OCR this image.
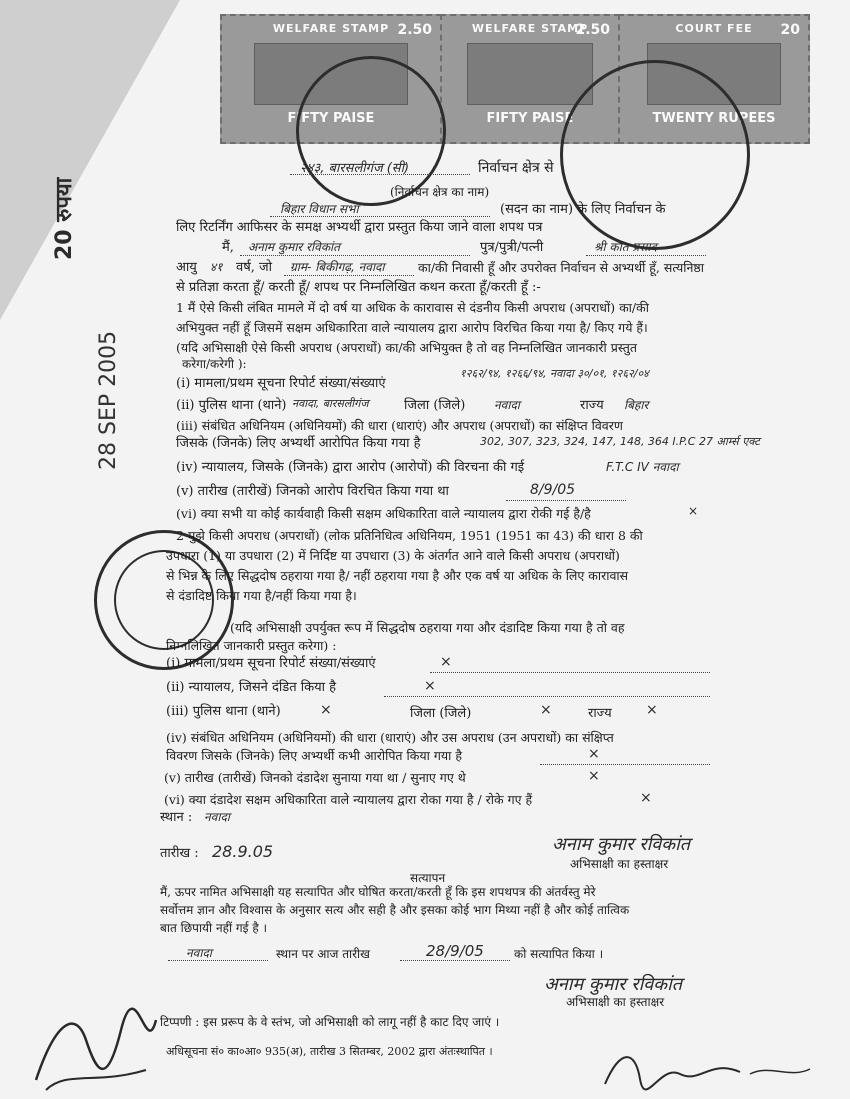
WELFARE STAMP 2.50
FIFTY PAISE
WELFARE STAMP
2.50
FIFTY PAISE
COURT FEE	20
TWENTY RUPEES
20 रुपया
28 SEP 2005
२४३, बारसलीगंज (सी)	निर्वाचन क्षेत्र से
(निर्वाचन क्षेत्र का नाम)
बिहार विधान सभा	(सदन का नाम) के लिए निर्वाचन के
लिए रिटर्निंग आफिसर के समक्ष अभ्यर्थी द्वारा प्रस्तुत किया जाने वाला शपथ पत्र
मैं, अनाम कुमार रविकांत	पुत्र/पुत्री/पत्नी	श्री कांत प्रसाद
आयु ४१ वर्ष, जो ग्राम- बिकीगढ़, नवादा	का/की निवासी हूँ और उपरोक्त निर्वाचन से अभ्यर्थी हूँ, सत्यनिष्ठा
से प्रतिज्ञा करता हूँ/ करती हूँ/ शपथ पर निम्नलिखित कथन करता हूँ/करती हूँ :-
1 मैं ऐसे किसी लंबित मामले में दो वर्ष या अधिक के कारावास से दंडनीय किसी अपराध (अपराधों) का/की
अभियुक्त नहीं हूँ जिसमें सक्षम अधिकारिता वाले न्यायालय द्वारा आरोप विरचित किया गया है/ किए गये हैं।
(यदि अभिसाक्षी ऐसे किसी अपराध (अपराधों) का/की अभियुक्त है तो वह निम्नलिखित जानकारी प्रस्तुत
करेगा/करेगी ):
(i) मामला/प्रथम सूचना रिपोर्ट संख्या/संख्याएं
१२६२/९४, १२६६/९४, नवादा ३०/०१, १२६२/०४
(ii) पुलिस थाना (थाने) नवादा, बारसलीगंज	जिला (जिले) नवादा	राज्य बिहार
(iii) संबंधित अधिनियम (अधिनियमों) की धारा (धाराएं) और अपराध (अपराधों) का संक्षिप्त विवरण
जिसके (जिनके) लिए अभ्यर्थी आरोपित किया गया है	302, 307, 323, 324, 147, 148, 364 I.P.C 27 आर्म्स एक्ट
(iv) न्यायालय, जिसके (जिनके) द्वारा आरोप (आरोपों) की विरचना की गई	F.T.C IV नवादा
(v) तारीख (तारीखें) जिनको आरोप विरचित किया गया था	8/9/05
(vi) क्या सभी या कोई कार्यवाही किसी सक्षम अधिकारिता वाले न्यायालय द्वारा रोकी गई है/है	×
2 मुझे किसी अपराध (अपराधों) (लोक प्रतिनिधित्व अधिनियम, 1951 (1951 का 43) की धारा 8 की
उपधारा (1) या उपधारा (2) में निर्दिष्ट या उपधारा (3) के अंतर्गत आने वाले किसी अपराध (अपराधों)
से भिन्न के लिए सिद्धदोष ठहराया गया है/ नहीं ठहराया गया है और एक वर्ष या अधिक के लिए कारावास
से दंडादिष्ट किया गया है/नहीं किया गया है।
(यदि अभिसाक्षी उपर्युक्त रूप में सिद्धदोष ठहराया गया और दंडादिष्ट किया गया है तो वह
निम्नलिखित जानकारी प्रस्तुत करेगा) :
(i) मामला/प्रथम सूचना रिपोर्ट संख्या/संख्याएं	×
(ii) न्यायालय, जिसने दंडित किया है	×
(iii) पुलिस थाना (थाने)	×	जिला (जिले)	×	राज्य ×
(iv) संबंधित अधिनियम (अधिनियमों) की धारा (धाराएं) और उस अपराध (उन अपराधों) का संक्षिप्त
विवरण जिसके (जिनके) लिए अभ्यर्थी कभी आरोपित किया गया है	×
(v) तारीख (तारीखें) जिनको दंडादेश सुनाया गया था / सुनाए गए थे	×
(vi) क्या दंडादेश सक्षम अधिकारिता वाले न्यायालय द्वारा रोका गया है / रोके गए हैं	×
स्थान : नवादा
तारीख : 28.9.05	अनाम कुमार रविकांत
अभिसाक्षी का हस्ताक्षर
सत्यापन
मैं, ऊपर नामित अभिसाक्षी यह सत्यापित और घोषित करता/करती हूँ कि इस शपथपत्र की अंतर्वस्तु मेरे
सर्वोत्तम ज्ञान और विश्वास के अनुसार सत्य और सही है और इसका कोई भाग मिथ्या नहीं है और कोई तात्विक
बात छिपायी नहीं गई है ।
नवादा	स्थान पर आज तारीख	28/9/05	को सत्यापित किया ।
अनाम कुमार रविकांत
अभिसाक्षी का हस्ताक्षर
टिप्पणी : इस प्ररूप के वे स्तंभ, जो अभिसाक्षी को लागू नहीं है काट दिए जाएं ।
अधिसूचना सं० का०आ० 935(अ), तारीख 3 सितम्बर, 2002 द्वारा अंतःस्थापित ।
